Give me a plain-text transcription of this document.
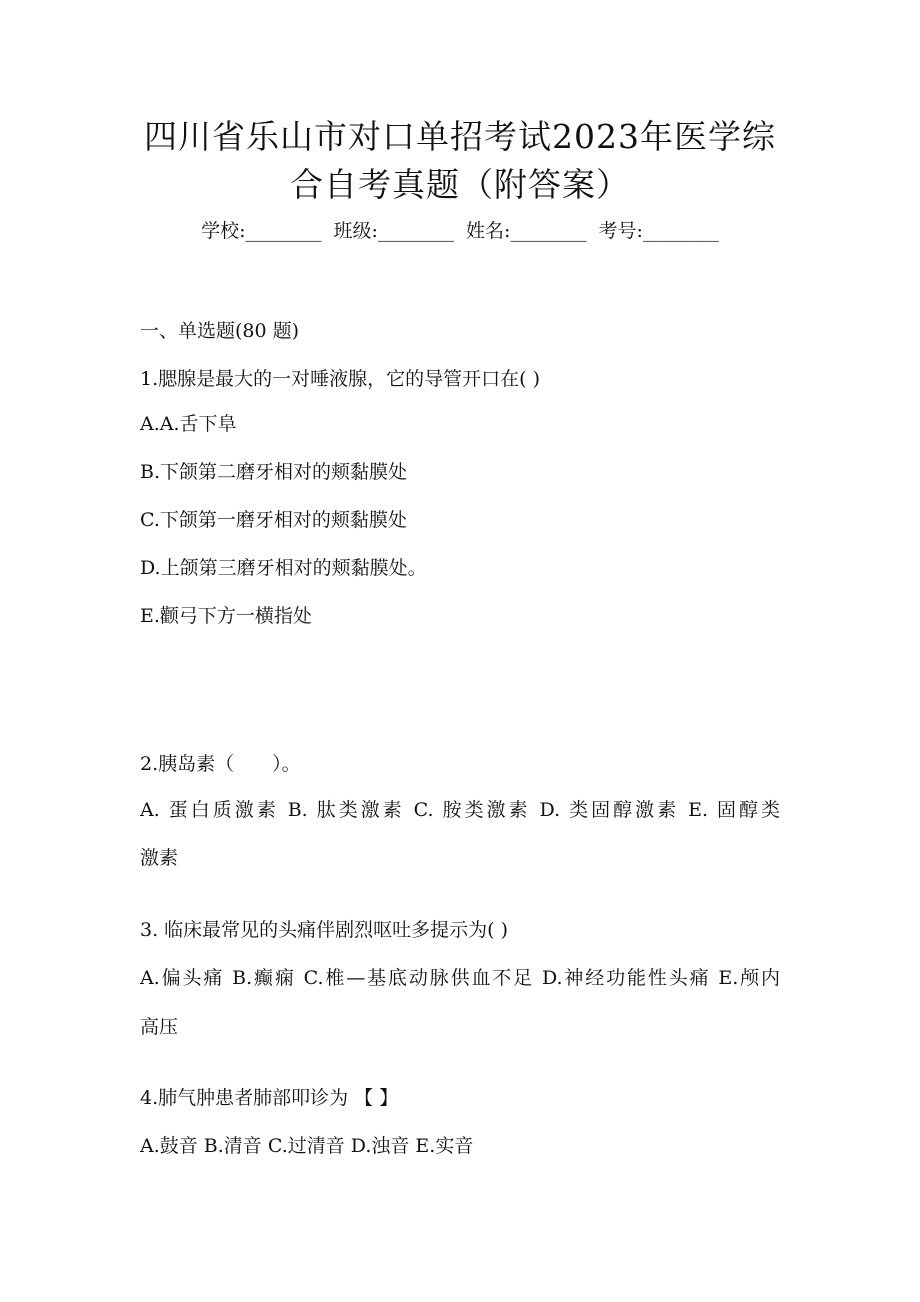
四川省乐山市对口单招考试2023年医学综
合自考真题（附答案）
学校:________  班级:________  姓名:________  考号:________
一、单选题(80 题)
1.腮腺是最大的一对唾液腺，它的导管开口在( )
A.A.舌下阜
B.下颌第二磨牙相对的颊黏膜处
C.下颌第一磨牙相对的颊黏膜处
D.上颌第三磨牙相对的颊黏膜处。
E.颧弓下方一横指处
2.胰岛素（　　）。
A. 蛋白质激素 B. 肽类激素 C. 胺类激素 D. 类固醇激素 E. 固醇类
激素
3. 临床最常见的头痛伴剧烈呕吐多提示为( )
A.偏头痛 B.癫痫 C.椎—基底动脉供血不足 D.神经功能性头痛 E.颅内
高压
4.肺气肿患者肺部叩诊为 【 】
A.鼓音 B.清音 C.过清音 D.浊音 E.实音
